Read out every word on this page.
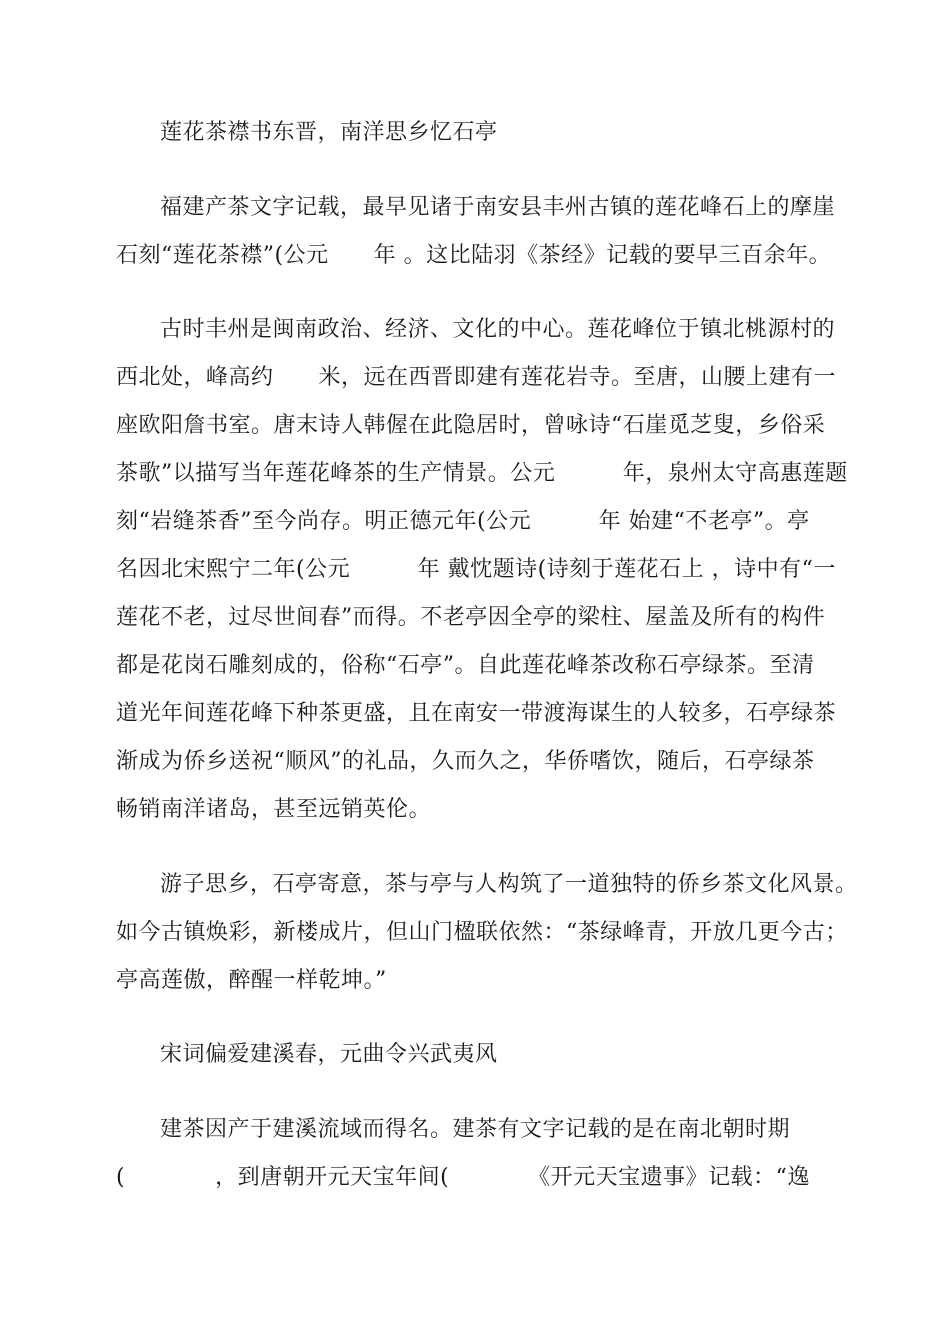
莲花茶襟书东晋，南洋思乡忆石亭
福建产茶文字记载，最早见诸于南安县丰州古镇的莲花峰石上的摩崖
石刻“莲花茶襟”(公元　　年 。这比陆羽《茶经》记载的要早三百余年。
古时丰州是闽南政治、经济、文化的中心。莲花峰位于镇北桃源村的
西北处，峰高约　　米，远在西晋即建有莲花岩寺。至唐，山腰上建有一
座欧阳詹书室。唐末诗人韩偓在此隐居时，曾咏诗“石崖觅芝叟，乡俗采
茶歌”以描写当年莲花峰茶的生产情景。公元　　　年，泉州太守高惠莲题
刻“岩缝茶香”至今尚存。明正德元年(公元　　　年 始建“不老亭”。亭
名因北宋熙宁二年(公元　　　年 戴忱题诗(诗刻于莲花石上 ，诗中有“一
莲花不老，过尽世间春”而得。不老亭因全亭的梁柱、屋盖及所有的构件
都是花岗石雕刻成的，俗称“石亭”。自此莲花峰茶改称石亭绿茶。至清
道光年间莲花峰下种茶更盛，且在南安一带渡海谋生的人较多，石亭绿茶
渐成为侨乡送祝“顺风”的礼品，久而久之，华侨嗜饮，随后，石亭绿茶
畅销南洋诸岛，甚至远销英伦。
游子思乡，石亭寄意，茶与亭与人构筑了一道独特的侨乡茶文化风景。
如今古镇焕彩，新楼成片，但山门楹联依然：“茶绿峰青，开放几更今古；
亭高莲傲，醉醒一样乾坤。”
宋词偏爱建溪春，元曲令兴武夷风
建茶因产于建溪流域而得名。建茶有文字记载的是在南北朝时期
(　　　　，到唐朝开元天宝年间(　　　　《开元天宝遗事》记载：“逸
